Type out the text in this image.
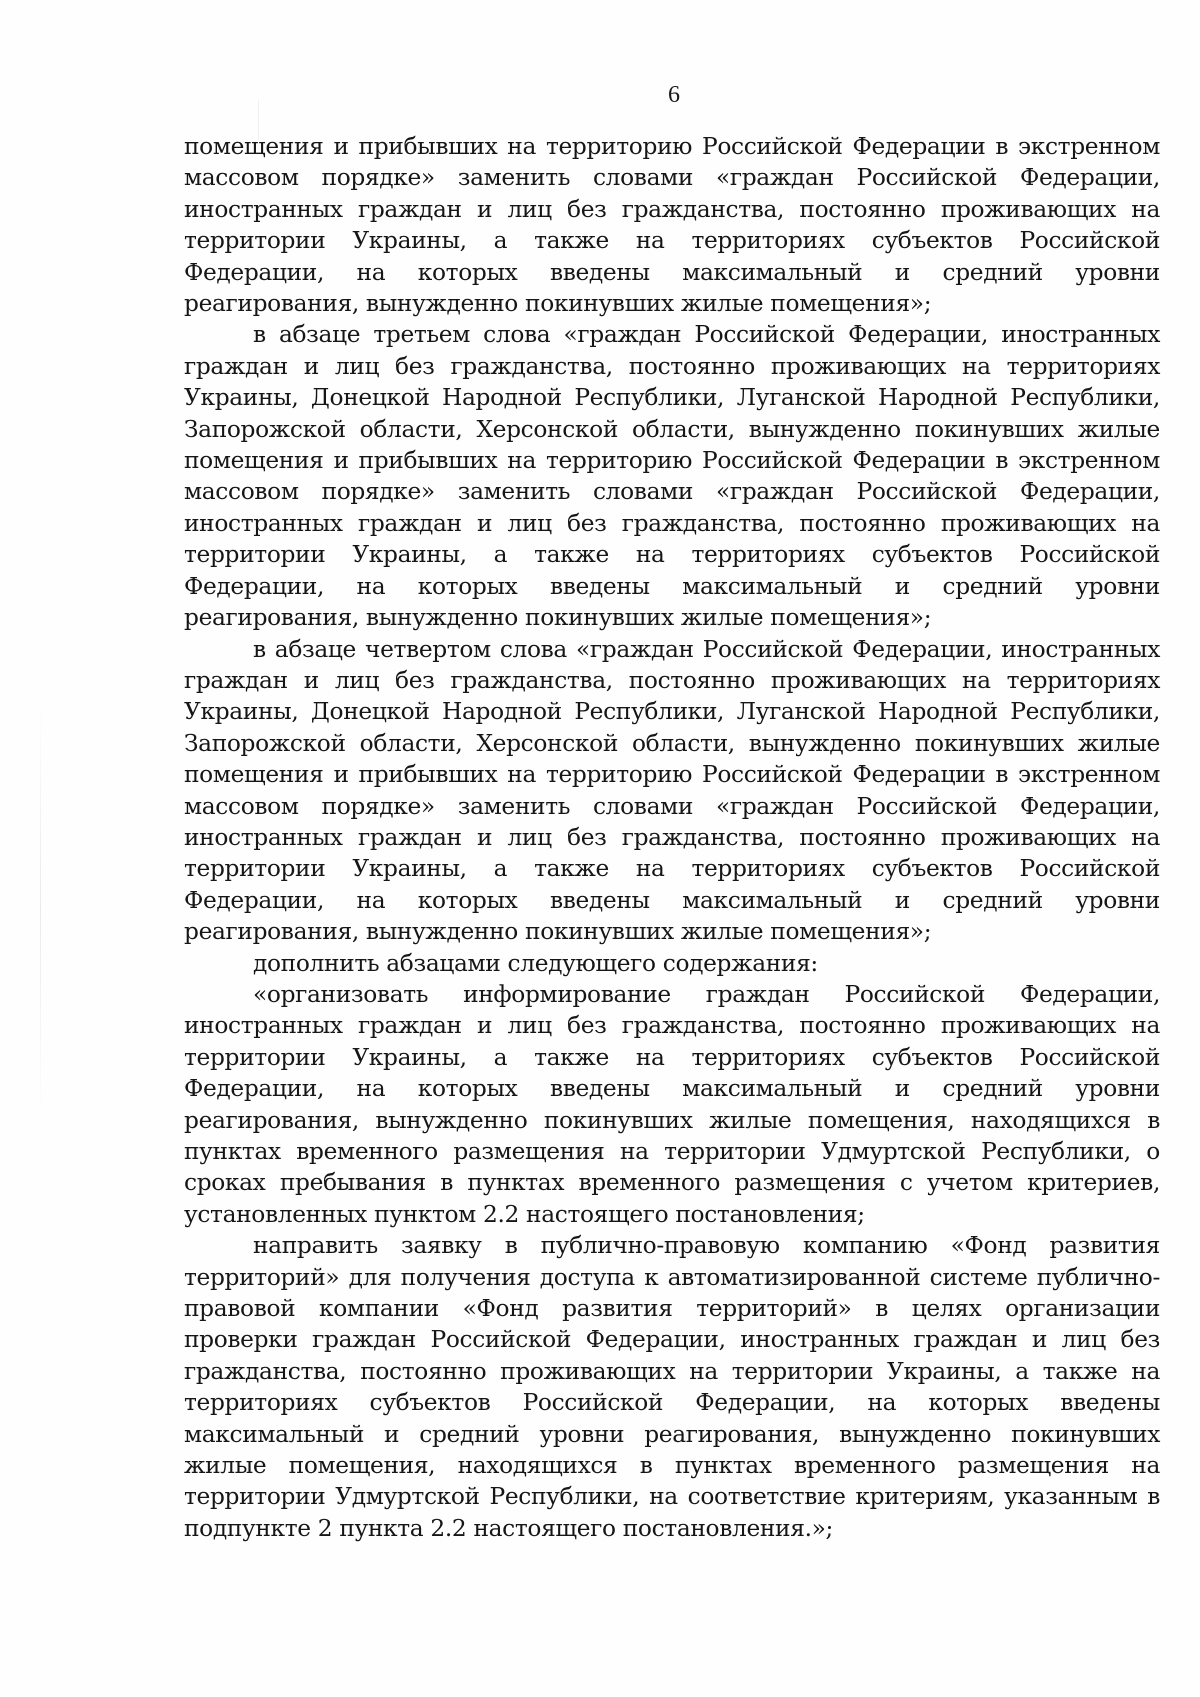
6

помещения и прибывших на территорию Российской Федерации в экстренном массовом порядке» заменить словами «граждан Российской Федерации, иностранных граждан и лиц без гражданства, постоянно проживающих на территории Украины, а также на территориях субъектов Российской Федерации, на которых введены максимальный и средний уровни реагирования, вынужденно покинувших жилые помещения»;

в абзаце третьем слова «граждан Российской Федерации, иностранных граждан и лиц без гражданства, постоянно проживающих на территориях Украины, Донецкой Народной Республики, Луганской Народной Республики, Запорожской области, Херсонской области, вынужденно покинувших жилые помещения и прибывших на территорию Российской Федерации в экстренном массовом порядке» заменить словами «граждан Российской Федерации, иностранных граждан и лиц без гражданства, постоянно проживающих на территории Украины, а также на территориях субъектов Российской Федерации, на которых введены максимальный и средний уровни реагирования, вынужденно покинувших жилые помещения»;

в абзаце четвертом слова «граждан Российской Федерации, иностранных граждан и лиц без гражданства, постоянно проживающих на территориях Украины, Донецкой Народной Республики, Луганской Народной Республики, Запорожской области, Херсонской области, вынужденно покинувших жилые помещения и прибывших на территорию Российской Федерации в экстренном массовом порядке» заменить словами «граждан Российской Федерации, иностранных граждан и лиц без гражданства, постоянно проживающих на территории Украины, а также на территориях субъектов Российской Федерации, на которых введены максимальный и средний уровни реагирования, вынужденно покинувших жилые помещения»;

дополнить абзацами следующего содержания:

«организовать информирование граждан Российской Федерации, иностранных граждан и лиц без гражданства, постоянно проживающих на территории Украины, а также на территориях субъектов Российской Федерации, на которых введены максимальный и средний уровни реагирования, вынужденно покинувших жилые помещения, находящихся в пунктах временного размещения на территории Удмуртской Республики, о сроках пребывания в пунктах временного размещения с учетом критериев, установленных пунктом 2.2 настоящего постановления;

направить заявку в публично-правовую компанию «Фонд развития территорий» для получения доступа к автоматизированной системе публично-правовой компании «Фонд развития территорий» в целях организации проверки граждан Российской Федерации, иностранных граждан и лиц без гражданства, постоянно проживающих на территории Украины, а также на территориях субъектов Российской Федерации, на которых введены максимальный и средний уровни реагирования, вынужденно покинувших жилые помещения, находящихся в пунктах временного размещения на территории Удмуртской Республики, на соответствие критериям, указанным в подпункте 2 пункта 2.2 настоящего постановления.»;
